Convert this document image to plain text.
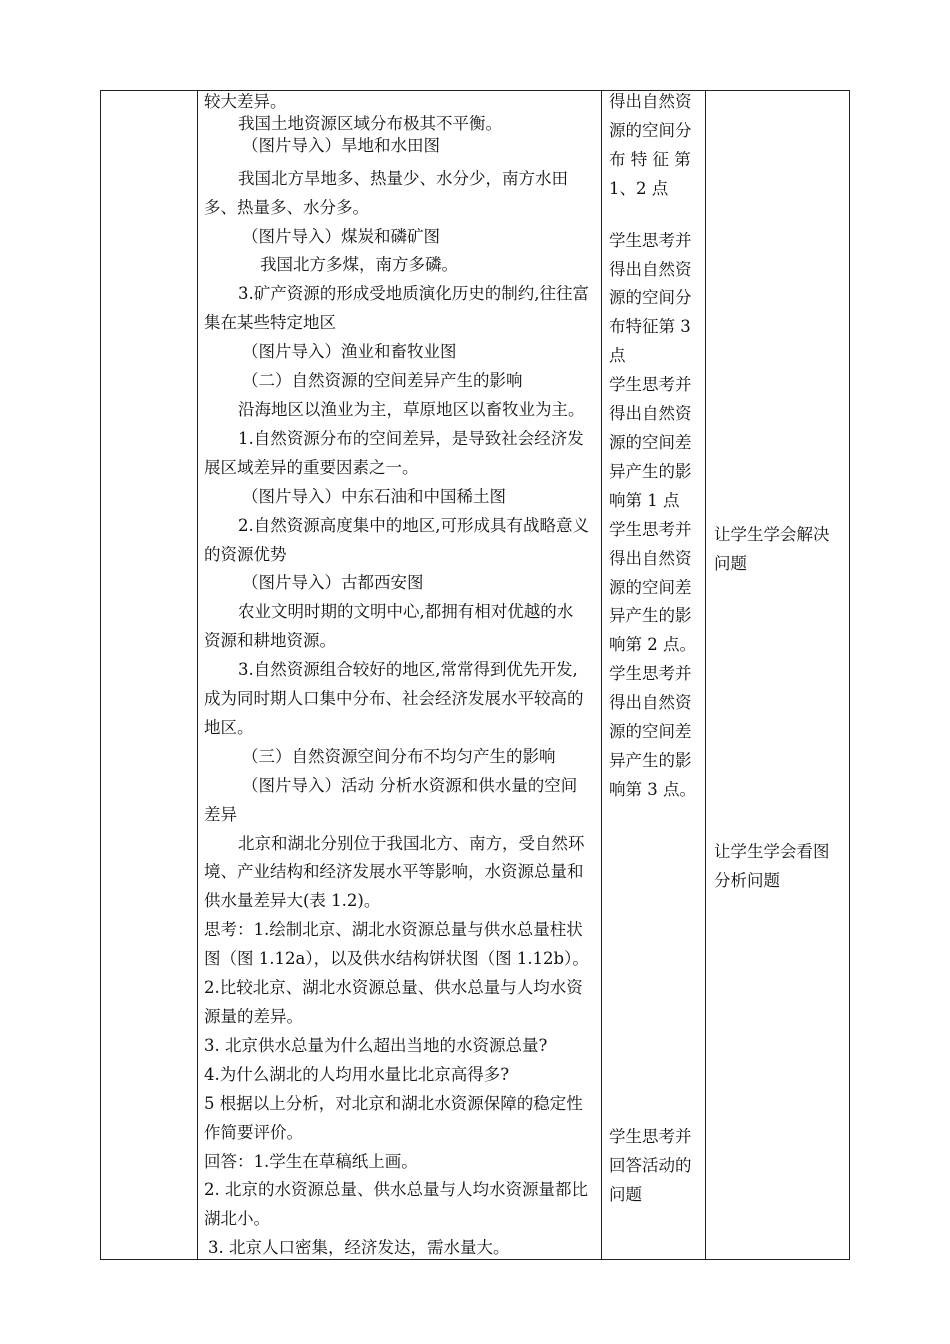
较大差异。

我国土地资源区域分布极其不平衡。

（图片导入）旱地和水田图

我国北方旱地多、热量少、水分少，南方水田

多、热量多、水分多。

（图片导入）煤炭和磷矿图

我国北方多煤，南方多磷。

3.矿产资源的形成受地质演化历史的制约,往往富

集在某些特定地区

（图片导入）渔业和畜牧业图

（二）自然资源的空间差异产生的影响

沿海地区以渔业为主，草原地区以畜牧业为主。

1.自然资源分布的空间差异，是导致社会经济发

展区域差异的重要因素之一。

（图片导入）中东石油和中国稀土图

2.自然资源高度集中的地区,可形成具有战略意义

的资源优势

（图片导入）古都西安图

农业文明时期的文明中心,都拥有相对优越的水

资源和耕地资源。

3.自然资源组合较好的地区,常常得到优先开发,

成为同时期人口集中分布、社会经济发展水平较高的

地区。

（三）自然资源空间分布不均匀产生的影响

（图片导入）活动 分析水资源和供水量的空间

差异

北京和湖北分别位于我国北方、南方，受自然环

境、产业结构和经济发展水平等影响，水资源总量和

供水量差异大(表 1.2)。

思考：1.绘制北京、湖北水资源总量与供水总量柱状

图（图 1.12a），以及供水结构饼状图（图 1.12b）。

2.比较北京、湖北水资源总量、供水总量与人均水资

源量的差异。

3. 北京供水总量为什么超出当地的水资源总量?

4.为什么湖北的人均用水量比北京高得多?

5 根据以上分析，对北京和湖北水资源保障的稳定性

作简要评价。

回答：1.学生在草稿纸上画。

2. 北京的水资源总量、供水总量与人均水资源量都比

湖北小。

3. 北京人口密集，经济发达，需水量大。

得出自然资

源的空间分

布 特 征 第

1、2 点

学生思考并

得出自然资

源的空间分

布特征第 3

点

学生思考并

得出自然资

源的空间差

异产生的影

响第 1 点

学生思考并

得出自然资

源的空间差

异产生的影

响第 2 点。

学生思考并

得出自然资

源的空间差

异产生的影

响第 3 点。

学生思考并

回答活动的

问题

让学生学会解决

问题

让学生学会看图

分析问题
